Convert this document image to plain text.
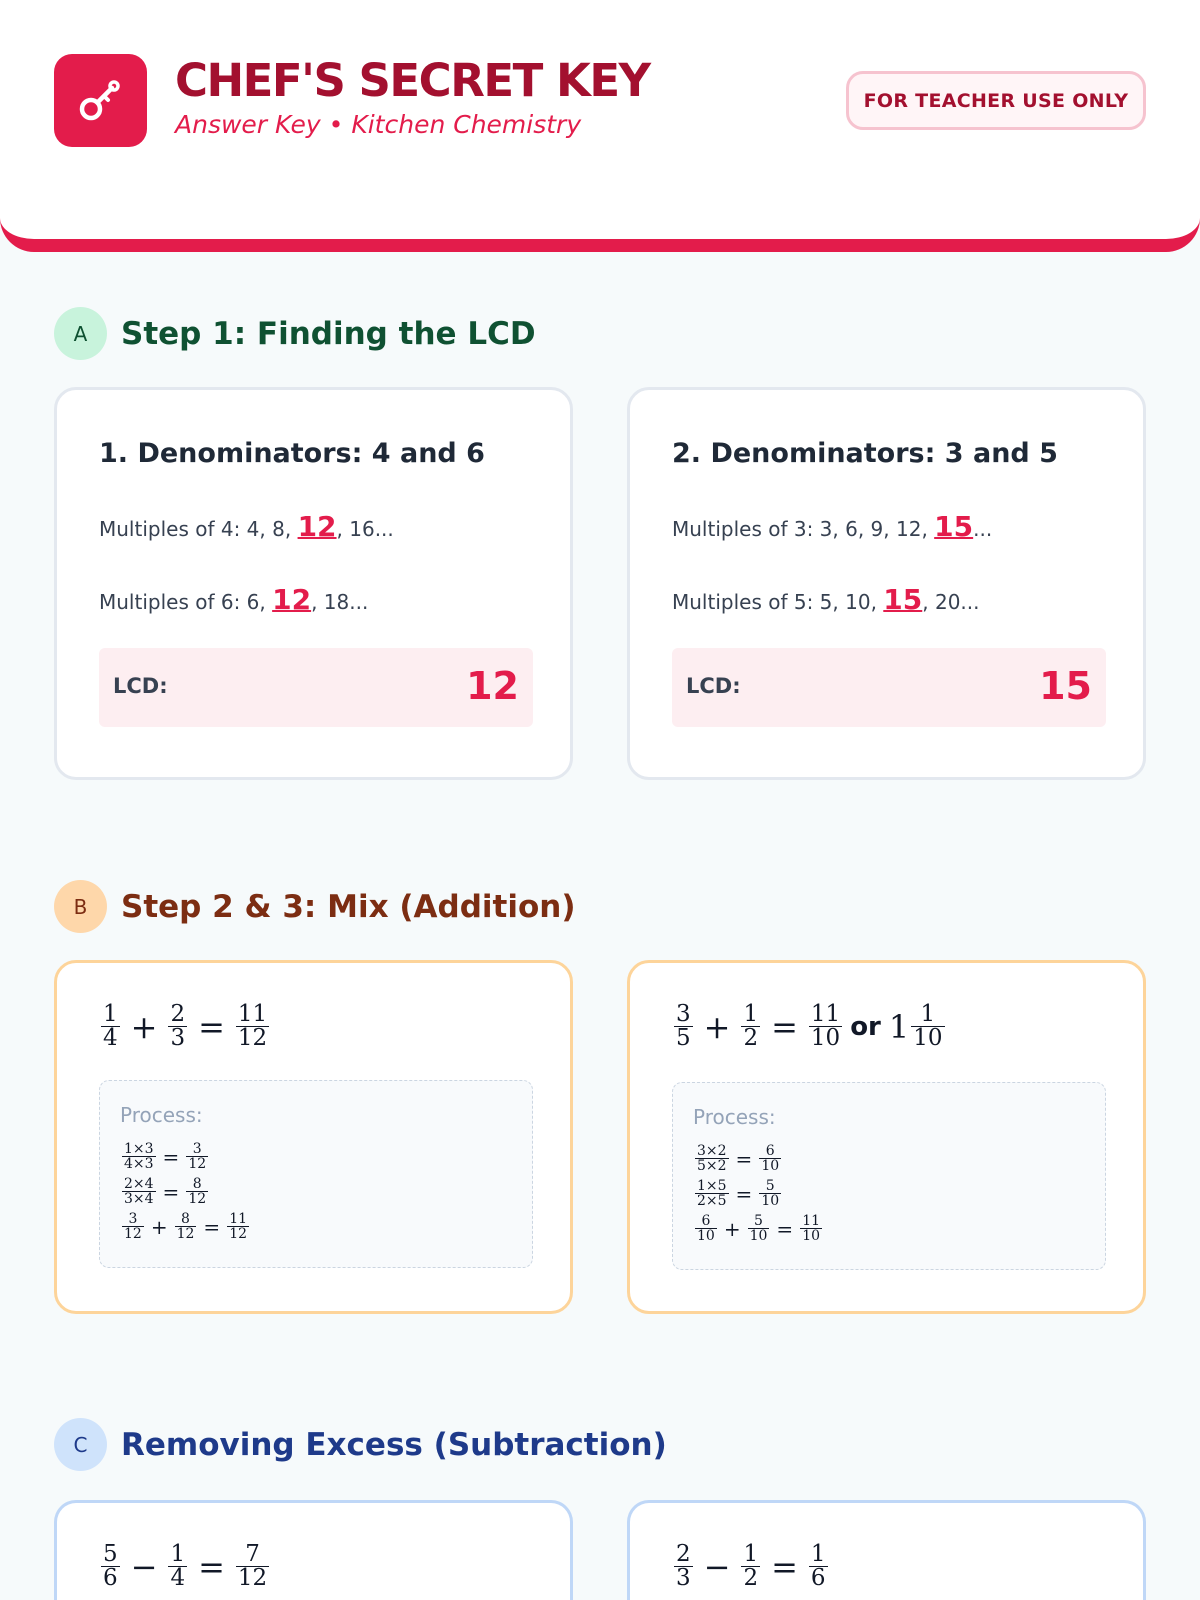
CHEF'S SECRET KEY
Answer Key • Kitchen Chemistry
FOR TEACHER USE ONLY
A	Step 1: Finding the LCD
1. Denominators: 4 and 6
Multiples of 4: 4, 8, 12, 16...
Multiples of 6: 6, 12, 18...
LCD:	12
2. Denominators: 3 and 5
Multiples of 3: 3, 6, 9, 12, 15...
Multiples of 5: 5, 10, 15, 20...
LCD:	15
B	Step 2 & 3: Mix (Addition)
$\frac{1}{4} + \frac{2}{3} = \frac{11}{12}$
Process:
$\frac{1\times 3}{4\times 3} = \frac{3}{12}$
$\frac{2\times 4}{3\times 4} = \frac{8}{12}$
$\frac{3}{12} + \frac{8}{12} = \frac{11}{12}$
$\frac{3}{5} + \frac{1}{2} = \frac{11}{10}$ or $1 \frac{1}{10}$
Process:
$\frac{3\times 2}{5\times 2} = \frac{6}{10}$
$\frac{1\times 5}{2\times 5} = \frac{5}{10}$
$\frac{6}{10} + \frac{5}{10} = \frac{11}{10}$
C	Removing Excess (Subtraction)
$\frac{5}{6} - \frac{1}{4} = \frac{7}{12}$	$\frac{2}{3} - \frac{1}{2} = \frac{1}{6}$
